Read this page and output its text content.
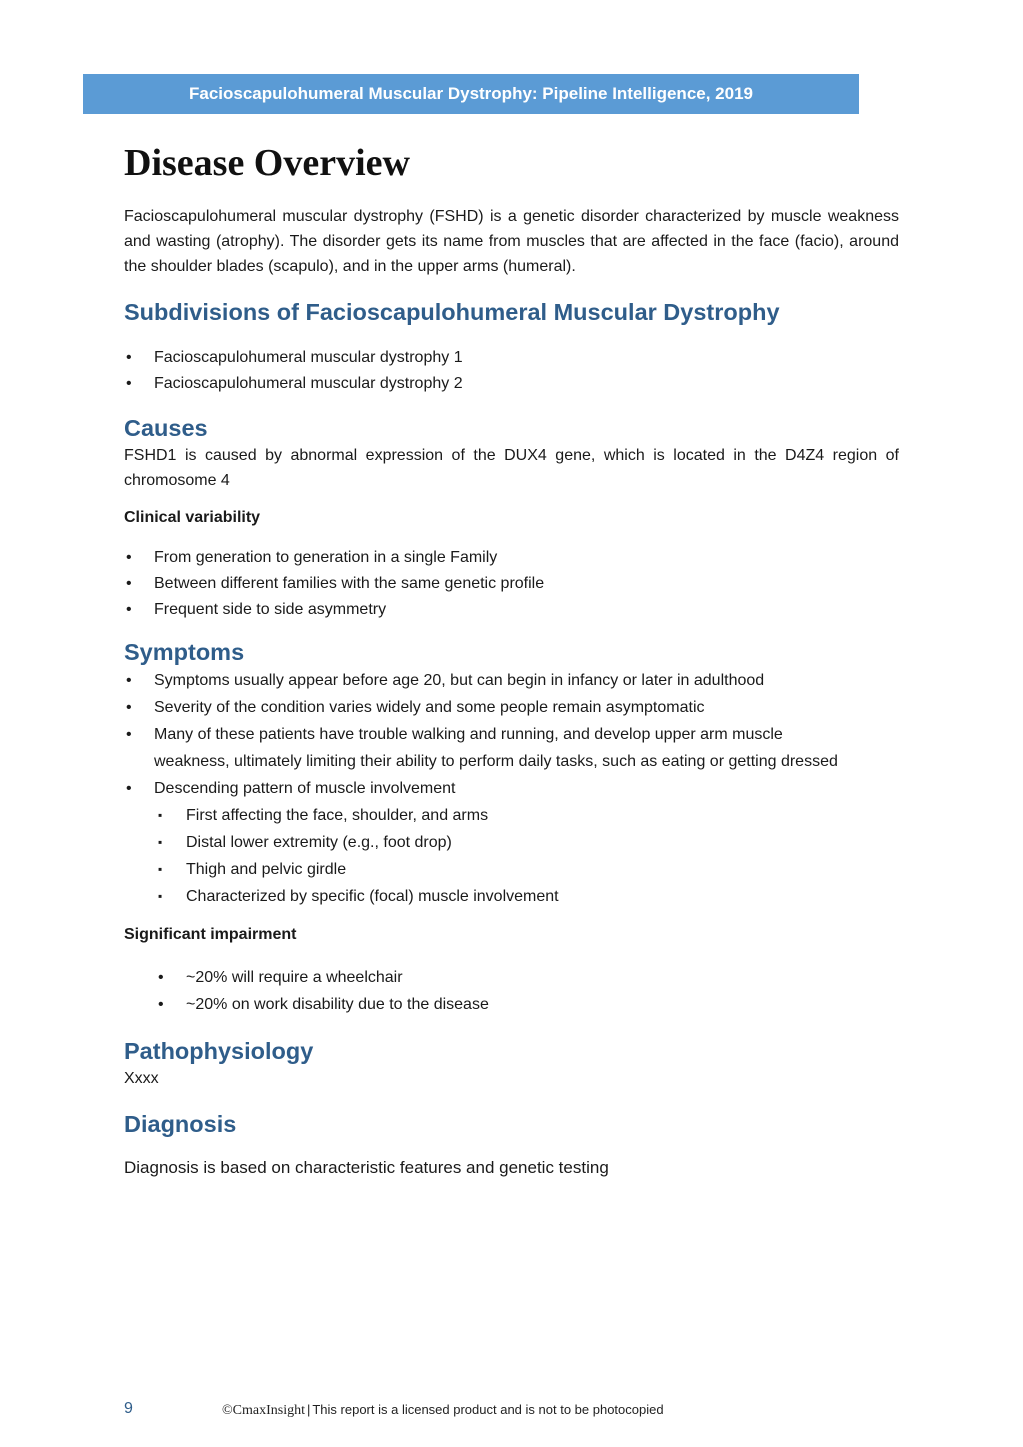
Facioscapulohumeral Muscular Dystrophy: Pipeline Intelligence, 2019
Disease Overview

Facioscapulohumeral muscular dystrophy (FSHD) is a genetic disorder characterized by muscle weakness and wasting (atrophy). The disorder gets its name from muscles that are affected in the face (facio), around the shoulder blades (scapulo), and in the upper arms (humeral).

Subdivisions of Facioscapulohumeral Muscular Dystrophy
• Facioscapulohumeral muscular dystrophy 1
• Facioscapulohumeral muscular dystrophy 2
Causes

FSHD1 is caused by abnormal expression of the DUX4 gene, which is located in the D4Z4 region of chromosome 4

Clinical variability
• From generation to generation in a single Family
• Between different families with the same genetic profile
• Frequent side to side asymmetry
Symptoms
• Symptoms usually appear before age 20, but can begin in infancy or later in adulthood
• Severity of the condition varies widely and some people remain asymptomatic
• Many of these patients have trouble walking and running, and develop upper arm muscle weakness, ultimately limiting their ability to perform daily tasks, such as eating or getting dressed
• Descending pattern of muscle involvement
▪ First affecting the face, shoulder, and arms
▪ Distal lower extremity (e.g., foot drop)
▪ Thigh and pelvic girdle
▪ Characterized by specific (focal) muscle involvement
Significant impairment
• ~20% will require a wheelchair
• ~20% on work disability due to the disease
Pathophysiology

Xxxx

Diagnosis

Diagnosis is based on characteristic features and genetic testing

9	©CmaxInsight | This report is a licensed product and is not to be photocopied
